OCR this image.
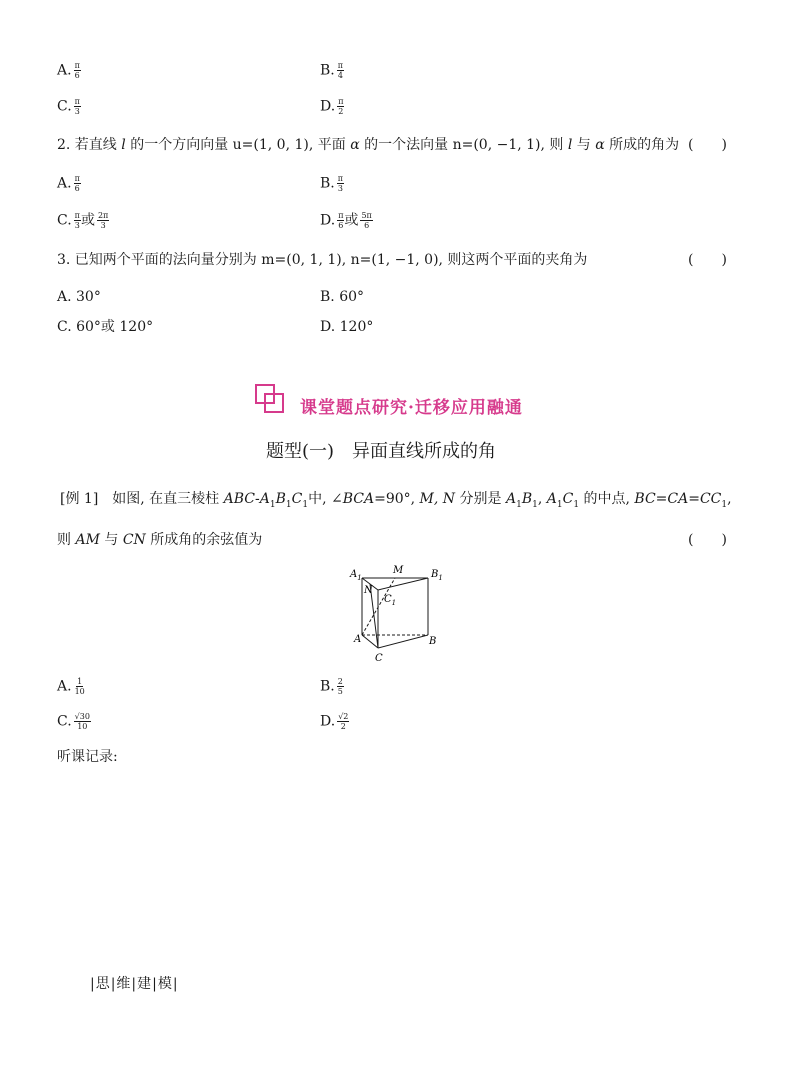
A. $\frac{\pi}{6}$	B. $\frac{\pi}{4}$
C. $\frac{\pi}{3}$	D. $\frac{\pi}{2}$
2. 若直线 l 的一个方向向量 u=(1, 0, 1), 平面 α 的一个法向量 n=(0, −1, 1), 则 l 与 α 所成的角为 (　　)
A. $\frac{\pi}{6}$	B. $\frac{\pi}{3}$
C. $\frac{\pi}{3}$ 或 $\frac{2\pi}{3}$	D. $\frac{\pi}{6}$ 或 $\frac{5\pi}{6}$
3. 已知两个平面的法向量分别为 m=(0, 1, 1), n=(1, −1, 0), 则这两个平面的夹角为	(　　)
A. 30°	B. 60°
C. 60°或 120°	D. 120°
课堂题点研究·迁移应用融通
题型(一)　异面直线所成的角
[例 1]　 如图, 在直三棱柱 ABC-$A_1B_1C_1$中, ∠BCA=90°, M, N 分别是 $A_1B_1$, $A_1C_1$ 的中点, $BC=CA=CC_1$,
则 AM 与 CN 所成角的余弦值为	(　　)
$A_1$
M	$B_1$
N
$C_1$
A	B
C
A. $\frac{1}{10}$	B. $\frac{2}{5}$
C. $\frac{√30}{10}$	D. $\frac{√2}{2}$
听课记录:
|思|维|建|模|
